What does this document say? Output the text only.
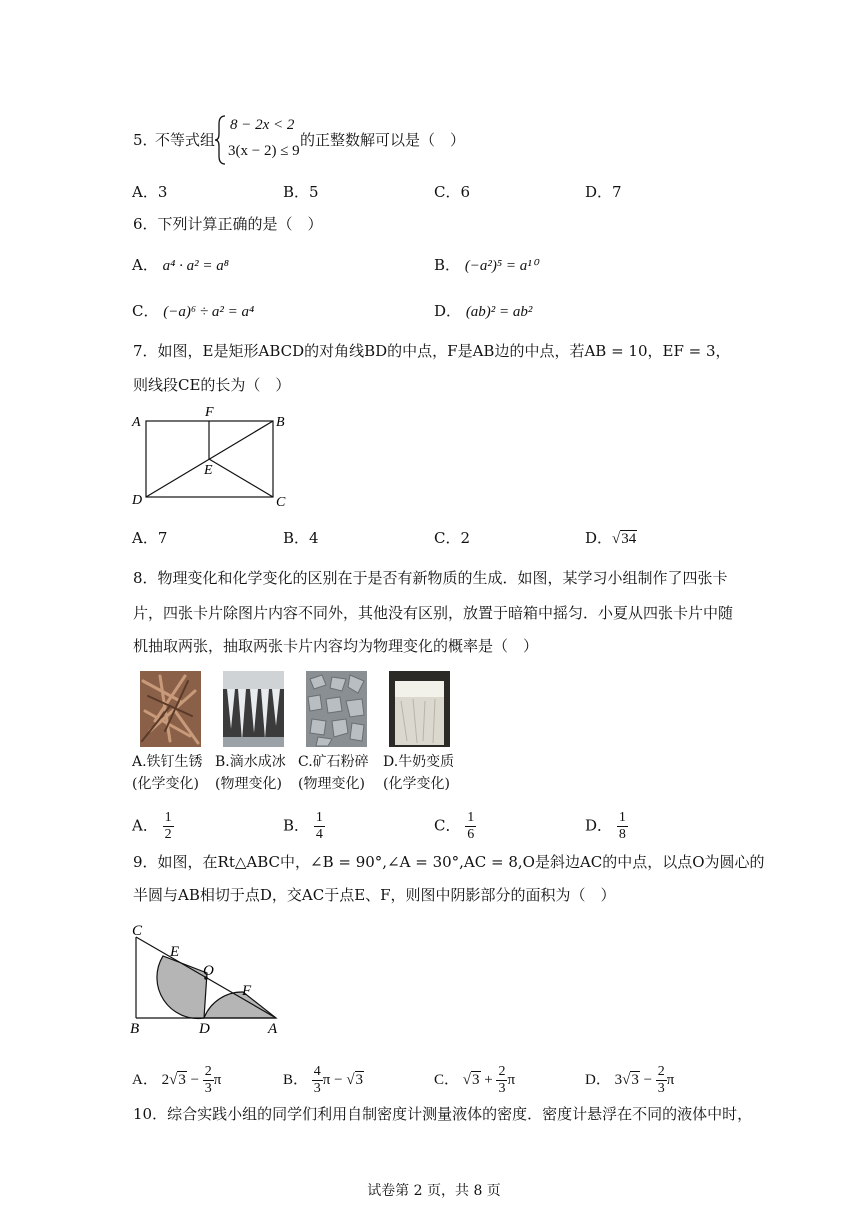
5．
不等式组
8 − 2x < 2
3(x − 2) ≤ 9
的正整数解可以是（　）
A．3	B．5	C．6	D．7
6．下列计算正确的是（　）
A． a⁴ · a² = a⁸	B． (−a²)⁵ = a¹⁰
C． (−a)⁶ ÷ a² = a⁴	D． (ab)² = ab²
7．如图，E是矩形ABCD的对角线BD的中点，F是AB边的中点，若AB = 10，EF = 3，
则线段CE的长为（　）
A	B
C
D
E
F
A．7	B．4	C．2	D．√34
8．物理变化和化学变化的区别在于是否有新物质的生成．如图，某学习小组制作了四张卡
片，四张卡片除图片内容不同外，其他没有区别，放置于暗箱中摇匀．小夏从四张卡片中随
机抽取两张，抽取两张卡片内容均为物理变化的概率是（　）
A.铁钉生锈
(化学变化)
B.滴水成冰
(物理变化)
C.矿石粉碎
(物理变化)
D.牛奶变质
(化学变化)
A． $\frac{1}{2}$	B． $\frac{1}{4}$	C． $\frac{1}{6}$	D． $\frac{1}{8}$
9．如图，在Rt△ABC中，∠B = 90°,∠A = 30°,AC = 8,O是斜边AC的中点，以点O为圆心的
半圆与AB相切于点D，交AC于点E、F，则图中阴影部分的面积为（　）
C
E
O
F
B	D	A
A． $2√3 - \frac{2}{3}$ π	B． $\frac{4}{3}$ π − √3	C． $√3 + \frac{2}{3}$ π	D． $3√3 - \frac{2}{3}$ π
10．综合实践小组的同学们利用自制密度计测量液体的密度．密度计悬浮在不同的液体中时，
试卷第 2 页，共 8 页
